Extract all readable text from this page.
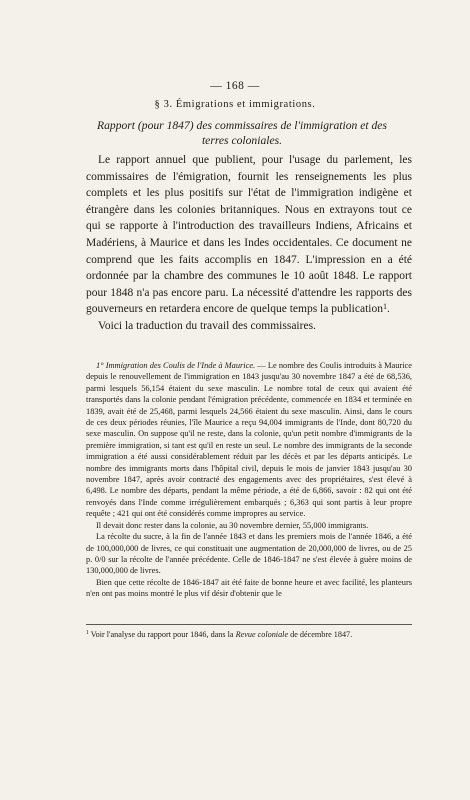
— 168 —
§ 3. Émigrations et immigrations.
Rapport (pour 1847) des commissaires de l'immigration et des terres coloniales.

Le rapport annuel que publient, pour l'usage du parlement, les commissaires de l'émigration, fournit les renseignements les plus complets et les plus positifs sur l'état de l'immigration indigène et étrangère dans les colonies britanniques. Nous en extrayons tout ce qui se rapporte à l'introduction des travailleurs Indiens, Africains et Madériens, à Maurice et dans les Indes occidentales. Ce document ne comprend que les faits accomplis en 1847. L'impression en a été ordonnée par la chambre des communes le 10 août 1848. Le rapport pour 1848 n'a pas encore paru. La nécessité d'attendre les rapports des gouverneurs en retardera encore de quelque temps la publication$^1$.

Voici la traduction du travail des commissaires.

1° Immigration des Coulis de l'Inde à Maurice. — Le nombre des Coulis introduits à Maurice depuis le renouvellement de l'immigration en 1843 jusqu'au 30 novembre 1847 a été de 68,536, parmi lesquels 56,154 étaient du sexe masculin. Le nombre total de ceux qui avaient été transportés dans la colonie pendant l'émigration précédente, commencée en 1834 et terminée en 1839, avait été de 25,468, parmi lesquels 24,566 étaient du sexe masculin. Ainsi, dans le cours de ces deux périodes réunies, l'île Maurice a reçu 94,004 immigrants de l'Inde, dont 80,720 du sexe masculin. On suppose qu'il ne reste, dans la colonie, qu'un petit nombre d'immigrants de la première immigration, si tant est qu'il en reste un seul. Le nombre des immigrants de la seconde immigration a été aussi considérablement réduit par les décès et par les départs anticipés. Le nombre des immigrants morts dans l'hôpital civil, depuis le mois de janvier 1843 jusqu'au 30 novembre 1847, après avoir contracté des engagements avec des propriétaires, s'est élevé à 6,498. Le nombre des départs, pendant la même période, a été de 6,866, savoir : 82 qui ont été renvoyés dans l'Inde comme irrégulièrement embarqués ; 6,363 qui sont partis à leur propre requête ; 421 qui ont été considérés comme impropres au service.

Il devait donc rester dans la colonie, au 30 novembre dernier, 55,000 immigrants.

La récolte du sucre, à la fin de l'année 1843 et dans les premiers mois de l'année 1846, a été de 100,000,000 de livres, ce qui constituait une augmentation de 20,000,000 de livres, ou de 25 p. 0/0 sur la récolte de l'année précédente. Celle de 1846-1847 ne s'est élevée à guère moins de 130,000,000 de livres.

Bien que cette récolte de 1846-1847 ait été faite de bonne heure et avec facilité, les planteurs n'en ont pas moins montré le plus vif désir d'obtenir que le

$^1$ Voir l'analyse du rapport pour 1846, dans la Revue coloniale de décembre 1847.
